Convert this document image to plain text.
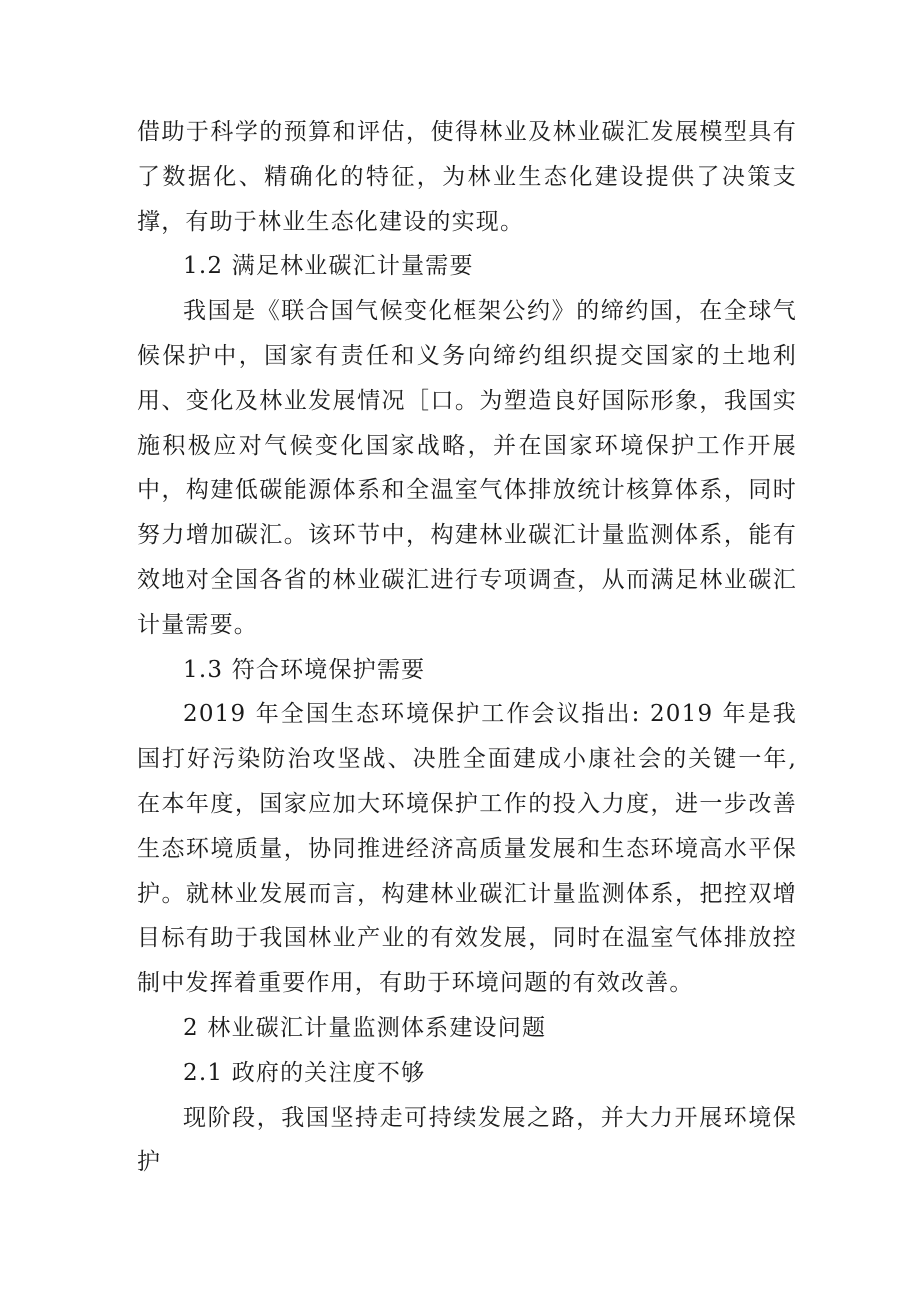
借助于科学的预算和评估，使得林业及林业碳汇发展模型具有了数据化、精确化的特征，为林业生态化建设提供了决策支撑，有助于林业生态化建设的实现。

1.2 满足林业碳汇计量需要

我国是《联合国气候变化框架公约》的缔约国，在全球气候保护中，国家有责任和义务向缔约组织提交国家的土地利用、变化及林业发展情况［口。为塑造良好国际形象，我国实施积极应对气候变化国家战略，并在国家环境保护工作开展中，构建低碳能源体系和全温室气体排放统计核算体系，同时努力增加碳汇。该环节中，构建林业碳汇计量监测体系，能有效地对全国各省的林业碳汇进行专项调查，从而满足林业碳汇计量需要。

1.3 符合环境保护需要

2019 年全国生态环境保护工作会议指出: 2019 年是我国打好污染防治攻坚战、决胜全面建成小康社会的关键一年,在本年度，国家应加大环境保护工作的投入力度，进一步改善生态环境质量，协同推进经济高质量发展和生态环境高水平保护。就林业发展而言，构建林业碳汇计量监测体系，把控双增目标有助于我国林业产业的有效发展，同时在温室气体排放控制中发挥着重要作用，有助于环境问题的有效改善。

2 林业碳汇计量监测体系建设问题

2.1 政府的关注度不够

现阶段，我国坚持走可持续发展之路，并大力开展环境保护
